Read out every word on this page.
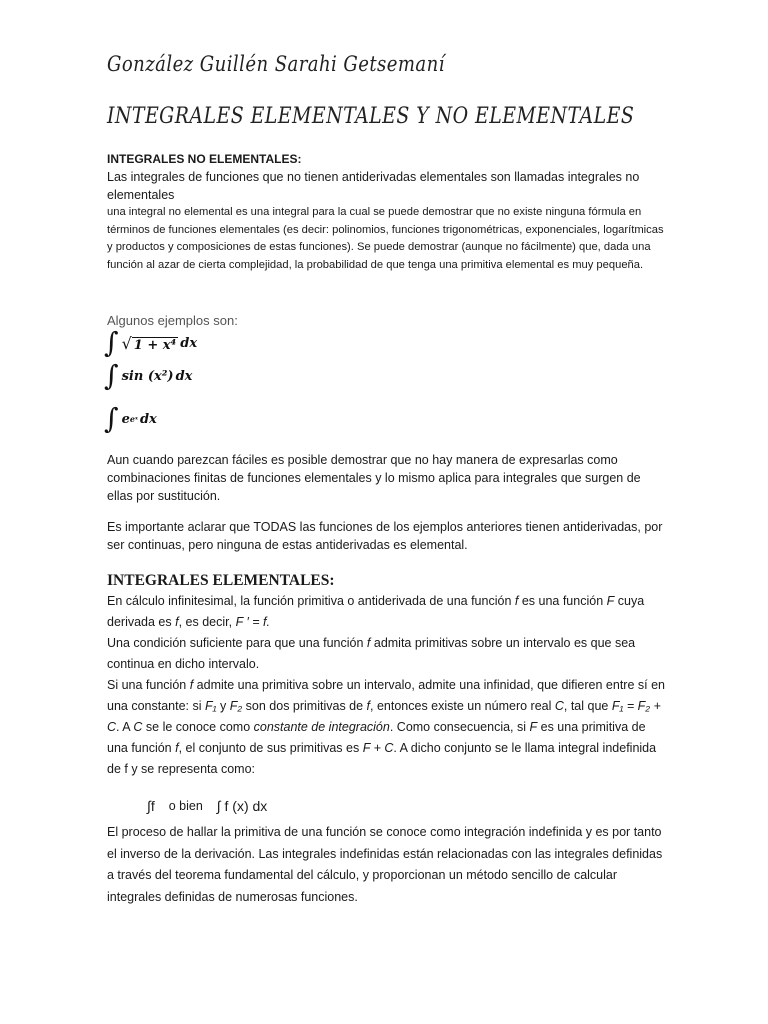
González Guillén Sarahi Getsemaní
INTEGRALES ELEMENTALES Y NO ELEMENTALES

INTEGRALES NO ELEMENTALES:

Las integrales de funciones que no tienen antiderivadas elementales son llamadas integrales no elementales

una integral no elemental es una integral para la cual se puede demostrar que no existe ninguna fórmula en términos de funciones elementales (es decir: polinomios, funciones trigonométricas, exponenciales, logarítmicas y productos y composiciones de estas funciones). Se puede demostrar (aunque no fácilmente) que, dada una función al azar de cierta complejidad, la probabilidad de que tenga una primitiva elemental es muy pequeña.

Algunos ejemplos son:

∫ √ 1 + x⁴ dx
∫ sin (x²) dx
∫ e eˣ dx

Aun cuando parezcan fáciles es posible demostrar que no hay manera de expresarlas como combinaciones finitas de funciones elementales y lo mismo aplica para integrales que surgen de ellas por sustitución.

Es importante aclarar que TODAS las funciones de los ejemplos anteriores tienen antiderivadas, por ser continuas, pero ninguna de estas antiderivadas es elemental.

INTEGRALES ELEMENTALES:

En cálculo infinitesimal, la función primitiva o antiderivada de una función f es una función F cuya derivada es f, es decir, F ′ = f.

Una condición suficiente para que una función f admita primitivas sobre un intervalo es que sea continua en dicho intervalo.

Si una función f admite una primitiva sobre un intervalo, admite una infinidad, que difieren entre sí en una constante: si F₁ y F₂ son dos primitivas de f, entonces existe un número real C, tal que F₁ = F₂ + C. A C se le conoce como constante de integración. Como consecuencia, si F es una primitiva de una función f, el conjunto de sus primitivas es F + C. A dicho conjunto se le llama integral indefinida de f y se representa como:

∫f o bien ∫ f (x) dx

El proceso de hallar la primitiva de una función se conoce como integración indefinida y es por tanto el inverso de la derivación. Las integrales indefinidas están relacionadas con las integrales definidas a través del teorema fundamental del cálculo, y proporcionan un método sencillo de calcular integrales definidas de numerosas funciones.
